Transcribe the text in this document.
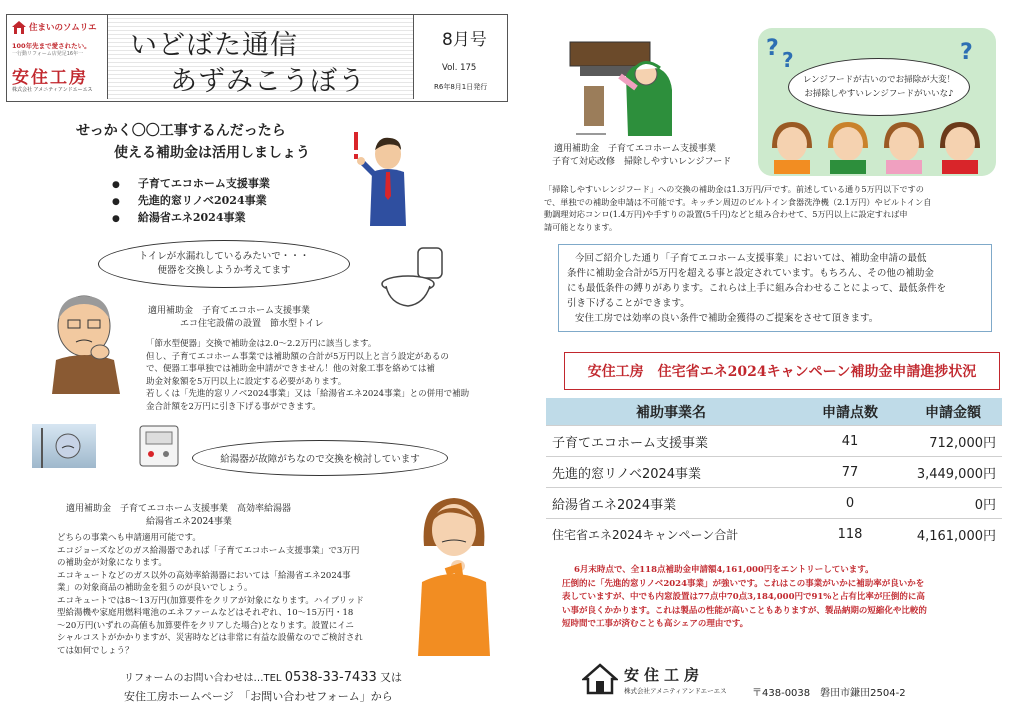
住まいのソムリエ
100年先まで愛されたい。
一行動リフォーム店発足16年一
安住工房
株式会社 アメニティアンドエーエス
いどばた通信
あずみこうぼう
8月号
Vol. 175
R6年8月1日発行
せっかく〇〇工事するんだったら
使える補助金は活用しましょう
● 子育てエコホーム支援事業
● 先進的窓リノベ2024事業
● 給湯省エネ2024事業
トイレが水漏れしているみたいで・・・
便器を交換しようか考えてます
適用補助金　子育てエコホーム支援事業
エコ住宅設備の設置　節水型トイレ
「節水型便器」交換で補助金は2.0～2.2万円に該当します。
但し、子育てエコホーム事業では補助額の合計が5万円以上と言う設定があるの
で、便器工事単独では補助金申請ができません！他の対象工事を絡めては補
助金対象額を5万円以上に設定する必要があります。
若しくは「先進的窓リノベ2024事業」又は「給湯省エネ2024事業」との併用で補助
金合計額を2万円に引き下げる事ができます。
給湯器が故障がちなので交換を検討しています
適用補助金　子育てエコホーム支援事業　高効率給湯器
給湯省エネ2024事業
どちらの事業へも申請適用可能です。
エコジョーズなどのガス給湯器であれば「子育てエコホーム支援事業」で3万円
の補助金が対象になります。
エコキュートなどのガス以外の高効率給湯器においては「給湯省エネ2024事
業」の対象商品の補助金を狙うのが良いでしょう。
エコキュートでは8～13万円(加算要件をクリアが対象になります。ハイブリッド
型給湯機や家庭用燃料電池のエネファームなどはそれぞれ、10～15万円・18
～20万円(いずれの高値も加算要件をクリアした場合)となります。設置にイニ
シャルコストがかかりますが、災害時などは非常に有益な設備なのでご検討され
ては如何でしょう？
リフォームのお問い合わせは…TEL 0538-33-7433 又は
安住工房ホームページ　「お問い合わせフォーム」から
適用補助金　子育てエコホーム支援事業
子育て対応改修　掃除しやすいレンジフード
? ?	?
レンジフードが古いのでお掃除が大変！
お掃除しやすいレンジフードがいいな♪
「掃除しやすいレンジフード」への交換の補助金は1.3万円/戸です。前述している通り5万円以下ですの
で、単独での補助金申請は不可能です。キッチン周辺のビルトイン食器洗浄機（2.1万円）やビルトイン自
動調理対応コンロ(1.4万円)や手すりの設置(5千円)などと組み合わせて、5万円以上に設定すれば申
請可能となります。
今回ご紹介した通り「子育てエコホーム支援事業」においては、補助金申請の最低
条件に補助金合計が5万円を超える事と設定されています。もちろん、その他の補助金
にも最低条件の縛りがあります。これらは上手に組み合わせることによって、最低条件を
引き下げることができます。
安住工房では効率の良い条件で補助金獲得のご提案をさせて頂きます。
安住工房　住宅省エネ2024キャンペーン補助金申請進捗状況
補助事業名	申請点数	申請金額
子育てエコホーム支援事業	41	712,000円
先進的窓リノベ2024事業	77	3,449,000円
給湯省エネ2024事業	0	0円
住宅省エネ2024キャンペーン合計	118	4,161,000円
6月末時点で、全118点補助金申請額4,161,000円をエントリーしています。
圧倒的に「先進的窓リノベ2024事業」が強いです。これはこの事業がいかに補助率が良いかを
表していますが、中でも内窓設置は77点中70点3,184,000円で91%と占有比率が圧倒的に高
い事が良くかかります。これは製品の性能が高いこともありますが、製品納期の短縮化や比較的
短時間で工事が済むことも高シェアの理由です。
安住工房
株式会社アメニティアンドエーエス	〒438-0038　磐田市鎌田2504-2
